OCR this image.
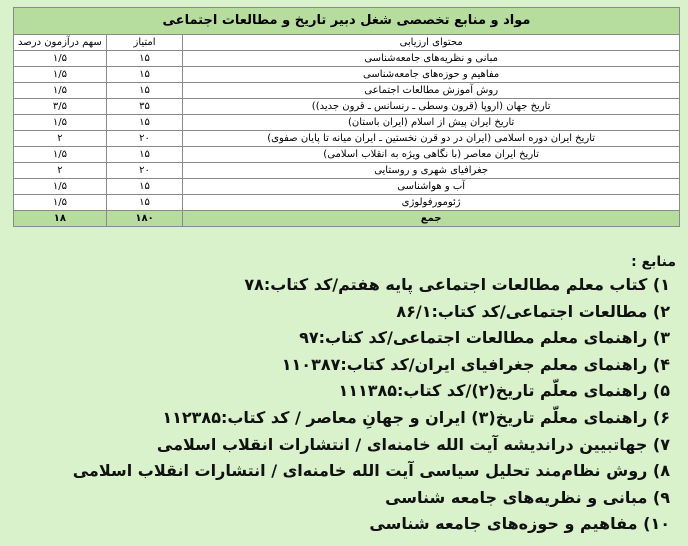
مواد و منابع تخصصی شغل دبیر تاریخ و مطالعات اجتماعی		
محتوای ارزیابی	امتیاز	سهم درآزمون درصد
مبانی و نظریه‌های جامعه‌شناسی	۱۵	۱/۵
مفاهیم و حوزه‌های جامعه‌شناسی	۱۵	۱/۵
روش آموزش مطالعات اجتماعی	۱۵	۱/۵
تاریخ جهان (اروپا (قرون وسطی ـ رنسانس ـ قرون جدید))	۳۵	۳/۵
تاریخ ایران پیش از اسلام (ایران باستان)	۱۵	۱/۵
تاریخ ایران دوره اسلامی (ایران در دو قرن نخستین ـ ایران میانه تا پایان صفوی)	۲۰	۲
تاریخ ایران معاصر (با نگاهی ویژه به انقلاب اسلامی)	۱۵	۱/۵
جغرافیای شهری و روستایی	۲۰	۲
آب و هواشناسی	۱۵	۱/۵
ژئومورفولوژی	۱۵	۱/۵
جمع	۱۸۰	۱۸
منابع :
۱) کتاب معلم مطالعات اجتماعی پایه هفتم/کد کتاب:۷۸
۲) مطالعات اجتماعی/کد کتاب:۸۶/۱
۳) راهنمای معلم مطالعات اجتماعی/کد کتاب:۹۷
۴) راهنمای معلم جغرافیای ایران/کد کتاب:۱۱۰۳۸۷
۵) راهنمای معلّم تاریخ(۲)/کد کتاب:۱۱۱۳۸۵
۶) راهنمای معلّم تاریخ(۳) ایران و جهانِ معاصر / کد کتاب:۱۱۲۳۸۵
۷) جهاتبیین دراندیشه آیت الله خامنه‌ای / انتشارات انقلاب اسلامی
۸) روش نظام‌مند تحلیل سیاسی آیت الله خامنه‌ای / انتشارات انقلاب اسلامی
۹) مبانی و نظریه‌های جامعه شناسی
۱۰) مفاهیم و حوزه‌های جامعه شناسی
